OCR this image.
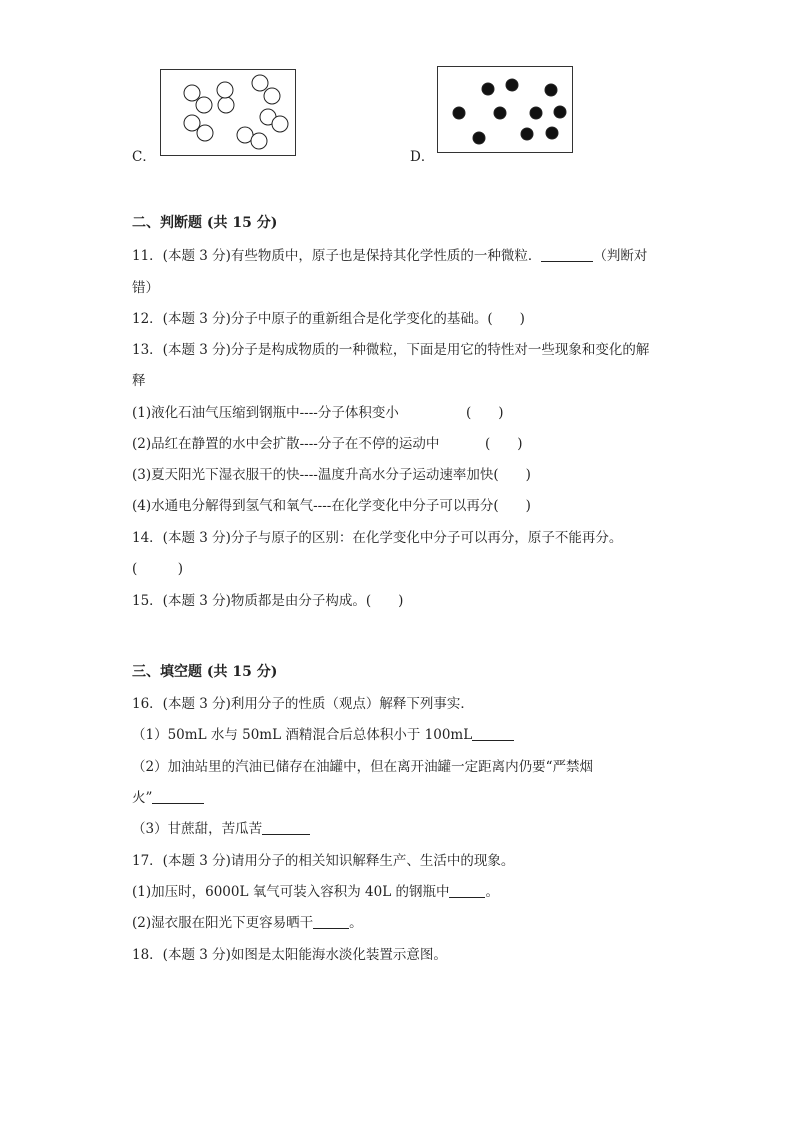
C．	D．
二、判断题 (共 15 分)
11．(本题 3 分)有些物质中，原子也是保持其化学性质的一种微粒．	（判断对
错）
12．(本题 3 分)分子中原子的重新组合是化学变化的基础。(　　)
13．(本题 3 分)分子是构成物质的一种微粒，下面是用它的特性对一些现象和变化的解
释
(1)液化石油气压缩到钢瓶中----分子体积变小	(　　)
(2)品红在静置的水中会扩散----分子在不停的运动中	(　　)
(3)夏天阳光下湿衣服干的快----温度升高水分子运动速率加快(　　)
(4)水通电分解得到氢气和氧气----在化学变化中分子可以再分(　　)
14．(本题 3 分)分子与原子的区别：在化学变化中分子可以再分，原子不能再分。
(　　　)
15．(本题 3 分)物质都是由分子构成。(　　)
三、填空题 (共 15 分)
16．(本题 3 分)利用分子的性质（观点）解释下列事实．
（1）50mL 水与 50mL 酒精混合后总体积小于 100mL
（2）加油站里的汽油已储存在油罐中，但在离开油罐一定距离内仍要“严禁烟
火”
（3）甘蔗甜，苦瓜苦
17．(本题 3 分)请用分子的相关知识解释生产、生活中的现象。
(1)加压时，6000L 氧气可装入容积为 40L 的钢瓶中	。
(2)湿衣服在阳光下更容易晒干	。
18．(本题 3 分)如图是太阳能海水淡化装置示意图。
